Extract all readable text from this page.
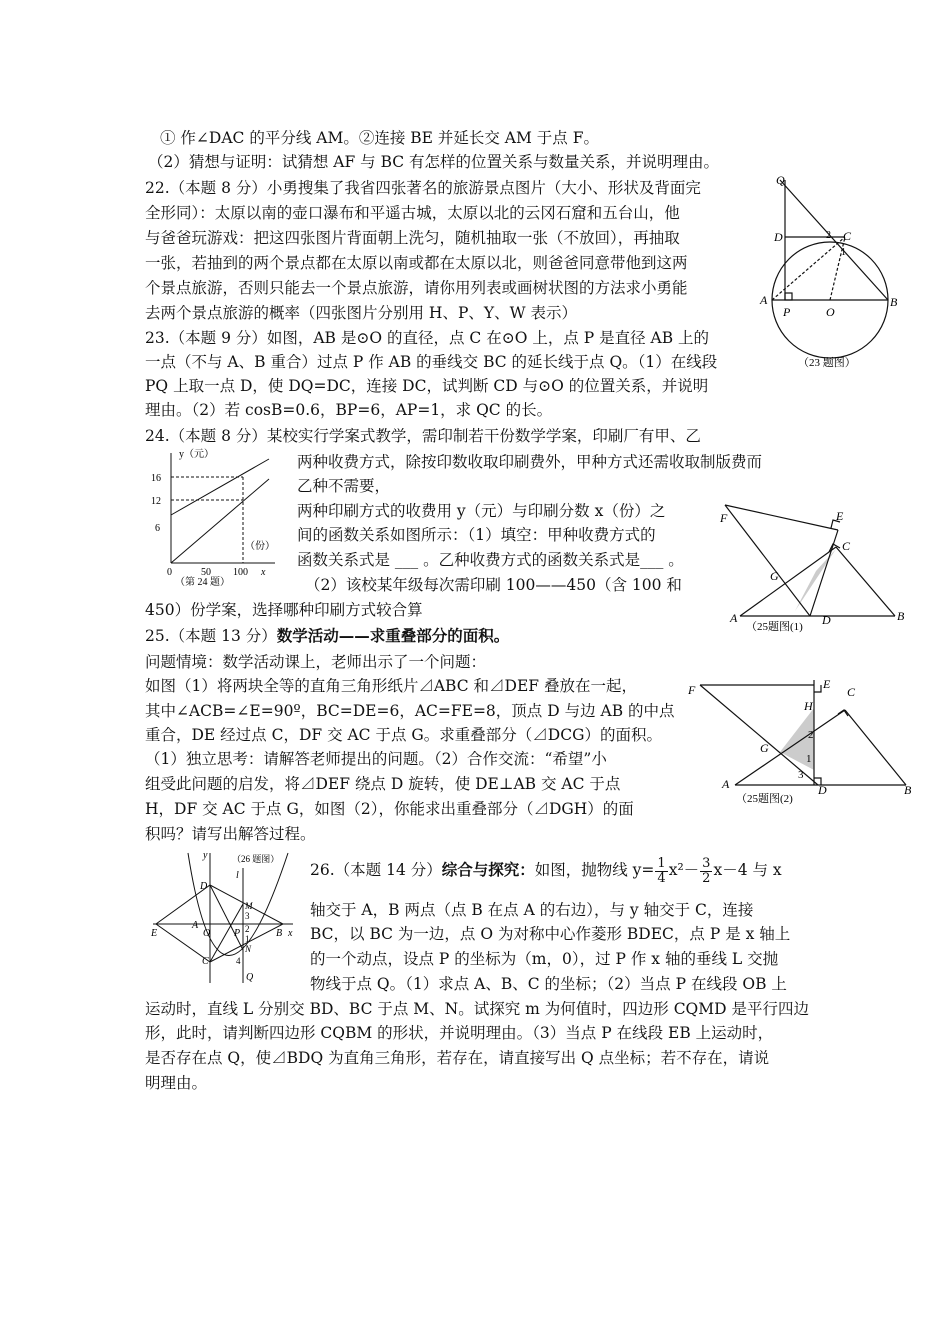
① 作∠DAC 的平分线 AM。②连接 BE 并延长交 AM 于点 F。
（2）猜想与证明：试猜想 AF 与 BC 有怎样的位置关系与数量关系，并说明理由。
22.（本题 8 分）小勇搜集了我省四张著名的旅游景点图片（大小、形状及背面完
全形同）：太原以南的壶口瀑布和平遥古城，太原以北的云冈石窟和五台山，他
与爸爸玩游戏：把这四张图片背面朝上洗匀，随机抽取一张（不放回），再抽取
一张，若抽到的两个景点都在太原以南或都在太原以北，则爸爸同意带他到这两
个景点旅游，否则只能去一个景点旅游，请你用列表或画树状图的方法求小勇能
去两个景点旅游的概率（四张图片分别用 H、P、Y、W 表示）
23.（本题 9 分）如图，AB 是⊙O 的直径，点 C 在⊙O 上，点 P 是直径 AB 上的
一点（不与 A、B 重合）过点 P 作 AB 的垂线交 BC 的延长线于点 Q。（1）在线段
PQ 上取一点 D，使 DQ=DC，连接 DC，试判断 CD 与⊙O 的位置关系，并说明
理由。（2）若 cosB=0.6，BP=6，AP=1，求 QC 的长。
24.（本题 8 分）某校实行学案式教学，需印制若干份数学学案，印刷厂有甲、乙
两种收费方式，除按印数收取印刷费外，甲种方式还需收取制版费而
乙种不需要，
两种印刷方式的收费用 y（元）与印刷分数 x（份）之
间的函数关系如图所示：（1）填空：甲种收费方式的
函数关系式是 ___ 。乙种收费方式的函数关系式是___ 。
（2）该校某年级每次需印刷 100——450（含 100 和
450）份学案，选择哪种印刷方式较合算
25.（本题 13 分）数学活动——求重叠部分的面积。
问题情境：数学活动课上，老师出示了一个问题：
如图（1）将两块全等的直角三角形纸片⊿ABC 和⊿DEF 叠放在一起，
其中∠ACB=∠E=90º，BC=DE=6，AC=FE=8，顶点 D 与边 AB 的中点
重合，DE 经过点 C，DF 交 AC 于点 G。求重叠部分（⊿DCG）的面积。
（1）独立思考：请解答老师提出的问题。（2）合作交流：“希望”小
组受此问题的启发，将⊿DEF 绕点 D 旋转，使 DE⊥AB 交 AC 于点
H，DF 交 AC 于点 G，如图（2），你能求出重叠部分（⊿DGH）的面
积吗？请写出解答过程。
26.（本题 14 分）综合与探究：如图，抛物线 $y= \frac{1}{4} x^2- \frac{3}{2} x-4$ 与 x
轴交于 A，B 两点（点 B 在点 A 的右边），与 y 轴交于 C，连接
BC，以 BC 为一边，点 O 为对称中心作菱形 BDEC，点 P 是 x 轴上
的一个动点，设点 P 的坐标为（m，0），过 P 作 x 轴的垂线 L 交抛
物线于点 Q。（1）求点 A、B、C 的坐标；（2）当点 P 在线段 OB 上
运动时，直线 L 分别交 BD、BC 于点 M、N。试探究 m 为何值时，四边形 CQMD 是平行四边
形，此时，请判断四边形 CQBM 的形状，并说明理由。（3）当点 P 在线段 EB 上运动时，
是否存在点 Q，使⊿BDQ 为直角三角形，若存在，请直接写出 Q 点坐标；若不存在，请说
明理由。
Q
D	C
2
1
A
P	O
B
（23 题图）
y（元）
16
12
6
0	50 100
（份）
x
（第 24 题）
F	E
C
G
A	D	B
（25题图(1)
F	E
C
H
2
1
G
3
A	D	B
（25题图(2)
（26 题图）
y
l
D
M
3
E
A
O P 2
1	B x
N
C	4
Q
